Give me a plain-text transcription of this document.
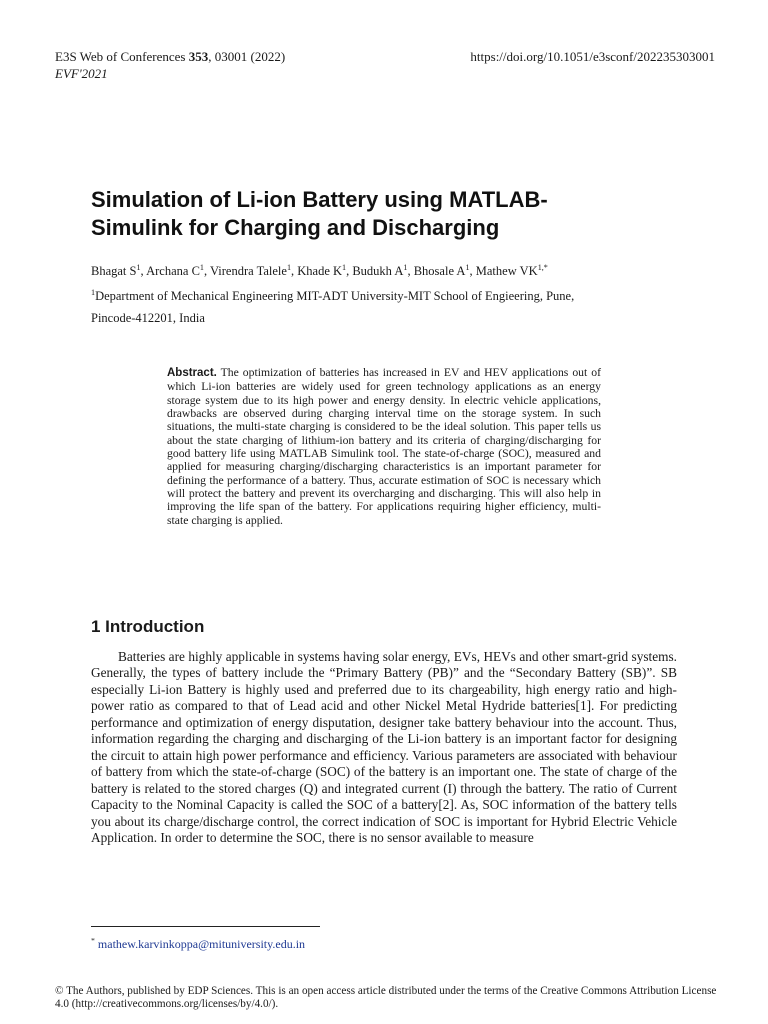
E3S Web of Conferences 353, 03001 (2022)
EVF'2021
https://doi.org/10.1051/e3sconf/202235303001
Simulation of Li-ion Battery using MATLAB-
Simulink for Charging and Discharging
Bhagat $S^1$, Archana $C^1$, Virendra Talele$^1$, Khade $K^1$, Budukh $A^1$, Bhosale $A^1$, Mathew $VK^{1,*}$
$^1$Department of Mechanical Engineering MIT-ADT University-MIT School of Engieering, Pune,
Pincode-412201, India
Abstract. The optimization of batteries has increased in EV and HEV applications out of which Li-ion batteries are widely used for green technology applications as an energy storage system due to its high power and energy density. In electric vehicle applications, drawbacks are observed during charging interval time on the storage system. In such situations, the multi-state charging is considered to be the ideal solution. This paper tells us about the state charging of lithium-ion battery and its criteria of charging/discharging for good battery life using MATLAB Simulink tool. The state-of-charge (SOC), measured and applied for measuring charging/discharging characteristics is an important parameter for defining the performance of a battery. Thus, accurate estimation of SOC is necessary which will protect the battery and prevent its overcharging and discharging. This will also help in improving the life span of the battery. For applications requiring higher efficiency, multi-state charging is applied.
1 Introduction

Batteries are highly applicable in systems having solar energy, EVs, HEVs and other smart-grid systems. Generally, the types of battery include the “Primary Battery (PB)” and the “Secondary Battery (SB)”. SB especially Li-ion Battery is highly used and preferred due to its chargeability, high energy ratio and high-power ratio as compared to that of Lead acid and other Nickel Metal Hydride batteries[1]. For predicting performance and optimization of energy disputation, designer take battery behaviour into the account. Thus, information regarding the charging and discharging of the Li-ion battery is an important factor for designing the circuit to attain high power performance and efficiency. Various parameters are associated with behaviour of battery from which the state-of-charge (SOC) of the battery is an important one. The state of charge of the battery is related to the stored charges (Q) and integrated current (I) through the battery. The ratio of Current Capacity to the Nominal Capacity is called the SOC of a battery[2]. As, SOC information of the battery tells you about its charge/discharge control, the correct indication of SOC is important for Hybrid Electric Vehicle Application. In order to determine the SOC, there is no sensor available to measure

* mathew.karvinkoppa@mituniversity.edu.in
© The Authors, published by EDP Sciences. This is an open access article distributed under the terms of the Creative Commons Attribution License 4.0 (http://creativecommons.org/licenses/by/4.0/).
